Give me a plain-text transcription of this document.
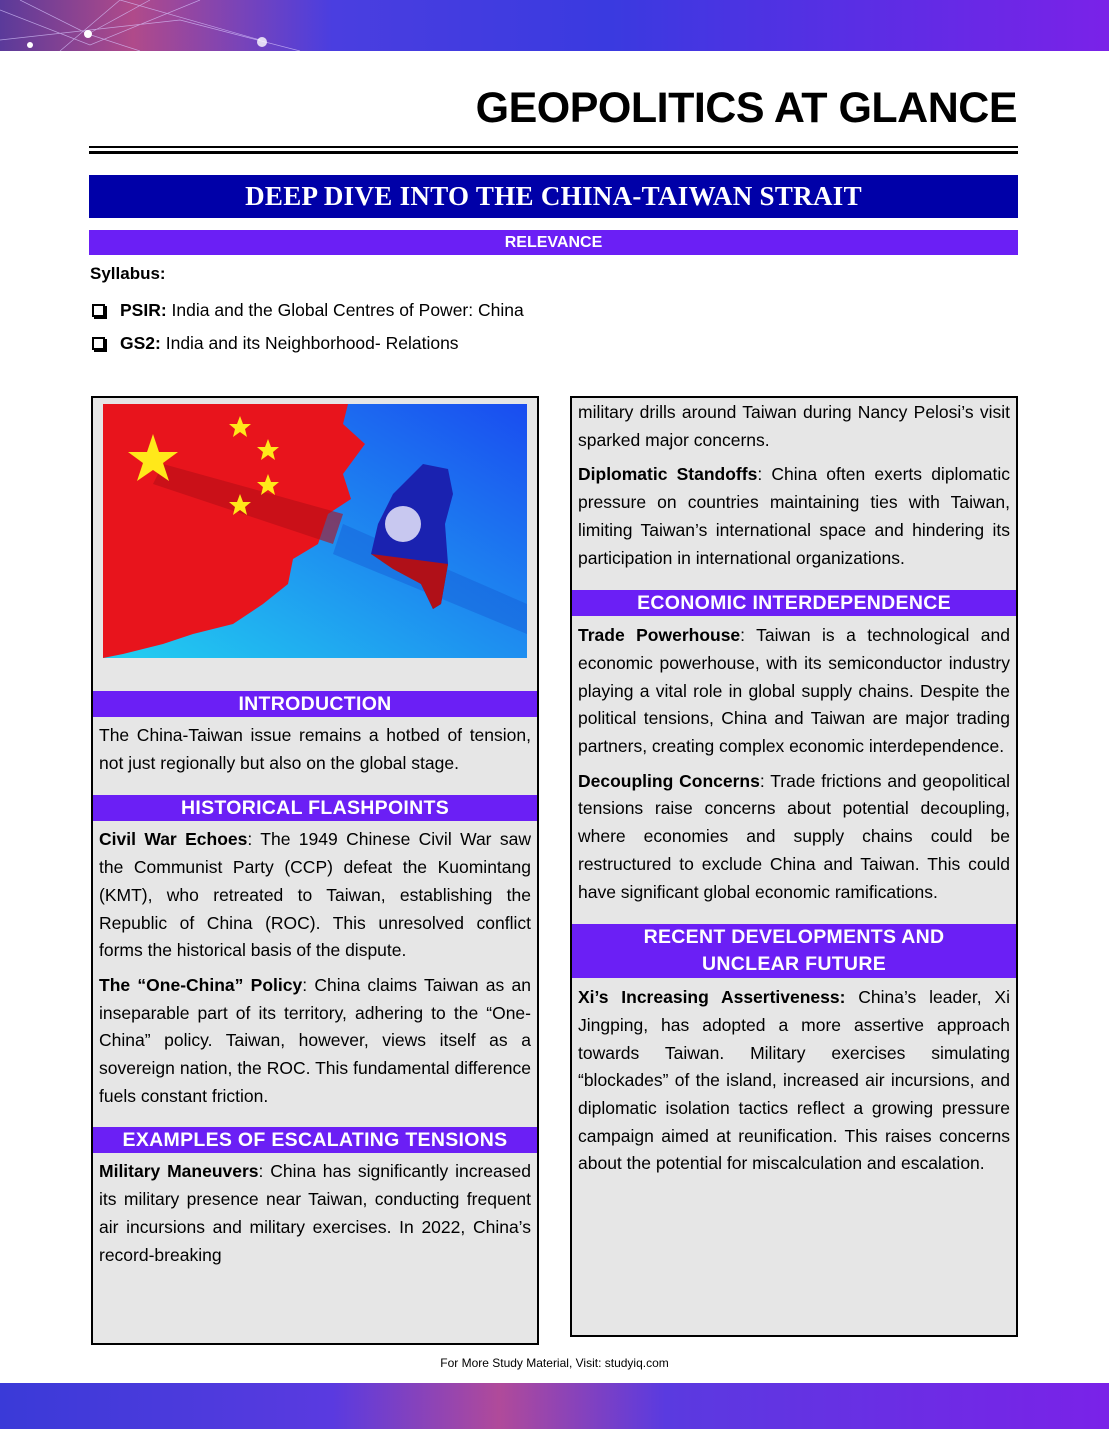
GEOPOLITICS AT GLANCE
DEEP DIVE INTO THE CHINA-TAIWAN STRAIT
RELEVANCE
Syllabus:
PSIR: India and the Global Centres of Power: China
GS2: India and its Neighborhood- Relations
INTRODUCTION
The China-Taiwan issue remains a hotbed of tension, not just regionally but also on the global stage.
HISTORICAL FLASHPOINTS
Civil War Echoes: The 1949 Chinese Civil War saw the Communist Party (CCP) defeat the Kuomintang (KMT), who retreated to Taiwan, establishing the Republic of China (ROC). This unresolved conflict forms the historical basis of the dispute.
The “One-China” Policy: China claims Taiwan as an inseparable part of its territory, adhering to the “One-China” policy. Taiwan, however, views itself as a sovereign nation, the ROC. This fundamental difference fuels constant friction.
EXAMPLES OF ESCALATING TENSIONS
Military Maneuvers: China has significantly increased its military presence near Taiwan, conducting frequent air incursions and military exercises. In 2022, China’s record-breaking
military drills around Taiwan during Nancy Pelosi’s visit sparked major concerns.
Diplomatic Standoffs: China often exerts diplomatic pressure on countries maintaining ties with Taiwan, limiting Taiwan’s international space and hindering its participation in international organizations.
ECONOMIC INTERDEPENDENCE
Trade Powerhouse: Taiwan is a technological and economic powerhouse, with its semiconductor industry playing a vital role in global supply chains. Despite the political tensions, China and Taiwan are major trading partners, creating complex economic interdependence.
Decoupling Concerns: Trade frictions and geopolitical tensions raise concerns about potential decoupling, where economies and supply chains could be restructured to exclude China and Taiwan. This could have significant global economic ramifications.
RECENT DEVELOPMENTS AND
UNCLEAR FUTURE
Xi’s Increasing Assertiveness: China’s leader, Xi Jingping, has adopted a more assertive approach towards Taiwan. Military exercises simulating “blockades” of the island, increased air incursions, and diplomatic isolation tactics reflect a growing pressure campaign aimed at reunification. This raises concerns about the potential for miscalculation and escalation.
For More Study Material, Visit: studyiq.com
